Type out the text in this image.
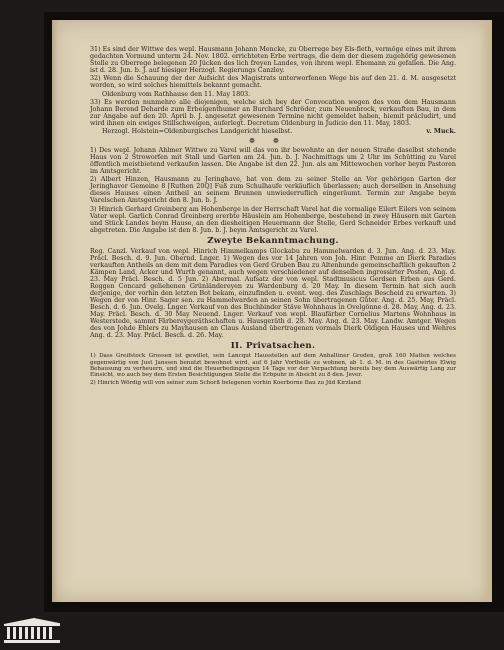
31) Es sind der Wittwe des wepl. Hausmann Johann Mencke, zu Oberrege bey Els-fleth, vermöge eines mit ihrem gedachten Vormund unterm 24. Nov. 1802. errichteten Erbe vertrags, die dem der diesem zugehörig gewesenen Stelle zu Oberrege belegenen 20 Jücken des lich freyen Landes, von ihrem wepl. Ehemann zu gefallen. Die Ang. ist d. 28. Jun. b. J. auf hiesiger Herzogl. Regierungs Canzley.

32) Wenn die Schauung der der Aufsicht des Magistrats unterworfenen Wege bis auf den 21. d. M. ausgesetzt worden, so wird solches hiemittels bekannt gemacht.

Oldenburg vom Rathhause den 11. May 1803.

33) Es werden nunmehro alle diejenigen, welche sich bey der Convocation wegen des vom dem Hausmann Johann Berend Deharde zum Erbeigenthumer an Burchard Schröder, zum Neuenbrock, verkauften Bau, in dem zur Angabe auf den 20. April b. J. angesetzt gewesenen Termine nicht gemeldet haben, hiemit präcludirt, und wird ihnen ein ewiges Stillschweigen, auferlegt. Decretum Oldenburg in Judicio den 11. May, 1803.

Herzogl. Holstein=Oldenburgisches Landgericht hieselbst.	v. Muck.
❁❁

1) Des wepl. Johann Ahlmer Wittwe zu Varel will das von ihr bewohnte an der neuen Straße daselbst stehende Haus von 2 Stroworfen mit Stall und Garten am 24. Jun. b. J. Nachmittags um 2 Uhr im Schütting zu Varel öffentlich meistbietend verkaufen lassen. Die Angabe ist den 22. Jun. als am Mittewochen vorher beym Pastoren im Amtsgericht.

2) Albert Hinzen, Hausmann zu Jeringhave, hat von dem zu seiner Stelle an Vor gehörigen Garten der Jeringhaver Gemeine 8 [Ruthen 20Q] Fuß zum Schulhaufe verkäuflich überlassen; auch derselben in Ansehung dieses Hauses einen Antheil an seinem Brunnen unwiederruflich eingeräumt. Termin zur Angabe beym Varelschen Amtsgericht den 8. Jun. b. J.

3) Hinrich Gerhard Greinberg am Hohenberge in der Herrschaft Varel hat die vormalige Eilert Eilers von seinem Vater wepl. Garlich Conrad Greinberg ererbte Häuslein am Hohenberge, bestehend in zwey Häusern mit Garten und Stück Landes beym Hause, an den diesheitigen Heuermann der Stelle, Gerd Schneider Erbes verkauft und abgetreten. Die Angabe ist den 8. Jun. b. J. beym Amtsgericht zu Varel.

Zweyte Bekanntmachung.

Reg. Canzl. Verkauf von wepl. Hinrich Himmelkamps Glockabu zu Hammelwarden d. 3. Jun. Ang. d. 23. May. Präcl. Besch. d. 9. Jun. Obernd. Lnger. 1) Wegen des vor 14 Jahren von Joh. Hinr. Pemme an Dierk Paradies verkauften Antheils an dem mit dem Paradies von Gerd Gruben Bau zu Altenhunde gemeinschaftlich gekauften 2 Kämpen Land, Acker und Wurth genannt, auch wegen verschiedener auf denselben ingrossirter Posten, Ang. d. 23. May Präcl. Besch. d. 5 Jun. 2) Abermal. Aufsatz der von wepl. Stadtmusicus Gerdsen Erben aus Gerd. Roggen Concard geliehenen Grünländereyen zu Wardenburg d. 20 May. In diesem Termin hat sich auch derjenige, der vorhin den letzten Bot bekam, einzufinden u. event. weg. des Zuschlags Bescheid zu erwarten. 3) Wegen der von Hinr. Sager sen. zu Hammelwarden an seinen Sohn übertragenen Güter. Ang. d. 25. May, Präcl. Besch. d. 6. Jun. Ovelg. Lnger. Verkauf von des Buchbinder Stäve Wohnhaus in Ovelgönne d. 28. May, Ang. d. 23. May. Präcl. Besch. d. 30 May Neuend. Lnger. Verkauf von wepl. Blaufärber Cornelius Martens Wohnhaus in Westerstede, sammt Färbereygeräthschaften u. Hausgeräth d. 28. May. Ang. d. 23. May. Landw. Amtger. Wegen des von Johde Ehlers zu Mayhausen an Claus Ausland übertragenen vormals Dierk Oldigen Hauses und Wehres Ang. d. 23. May. Präcl. Besch. d. 26. May.

II. Privatsachen.

1) Dass Greifstock Grossen ist gewillet, sein Lancqut Hausstellen auf dem Anhaltiner Groden, groß 160 Matten welches gegenwärtig von Just Janssen benutzt bewohnet wird, auf 6 Jahr Vortheile zu wohnen, ab 1. d. M. in des Gastwirtes Elwig Behausung zu verheuern, und sind die Heuerbedingungen 14 Tage vor der Verpachtung bereits bey dem Auswärtig Lang zur Einsicht, wo auch bey dem Ersten Besichtigungen Stelle die Erbpuhr in Absicht zu 8 den. Jever.

2) Hinrich Wördig will von seiner zum Schorß belegenen vorhin Koerborne Bau zu Jüd Kirzland
